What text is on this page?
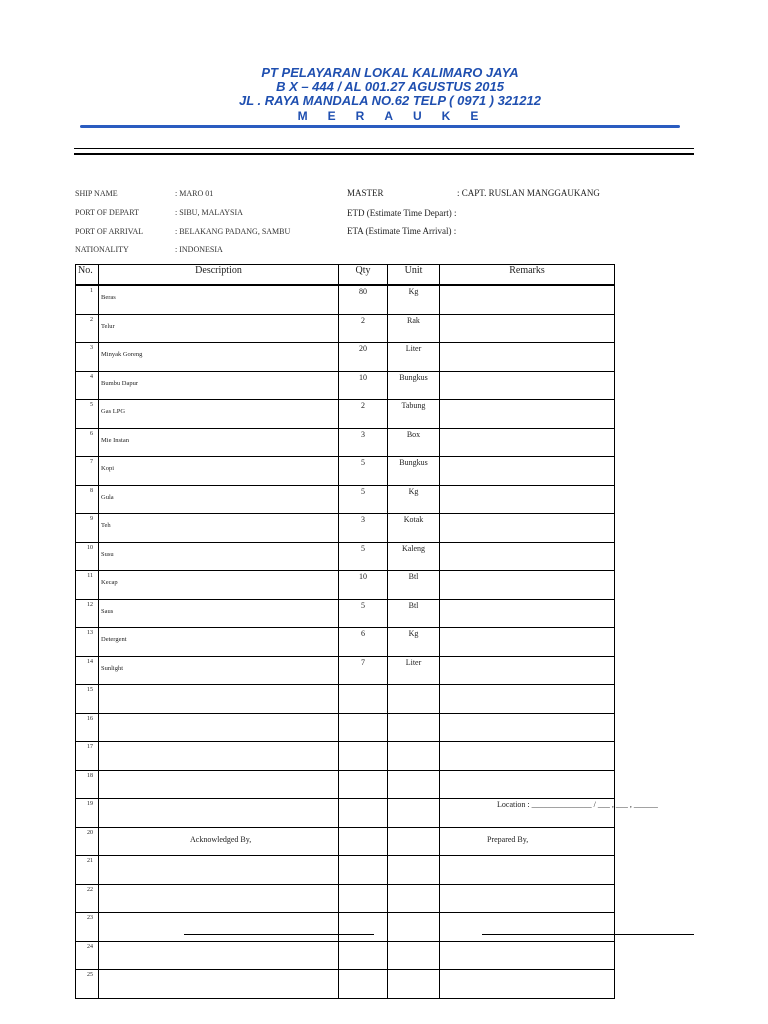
PT PELAYARAN LOKAL KALIMARO JAYA
B X – 444 / AL 001.27 AGUSTUS 2015
JL . RAYA MANDALA NO.62 TELP ( 0971 ) 321212
MERAUKE
SHIP NAME	: MARO 01
PORT OF DEPART	: SIBU, MALAYSIA
PORT OF ARRIVAL	: BELAKANG PADANG, SAMBU
NATIONALITY	: INDONESIA
MASTER	: CAPT. RUSLAN MANGGAUKANG
ETD (Estimate Time Depart) :
ETA (Estimate Time Arrival) :
No.	Description	Qty	Unit	Remarks
1	Beras	80	Kg	
2	Telur	2	Rak	
3	Minyak Goreng	20	Liter	
4	Bumbu Dapur	10	Bungkus	
5	Gas LPG	2	Tabung	
6	Mie Instan	3	Box	
7	Kopi	5	Bungkus	
8	Gula	5	Kg	
9	Teh	3	Kotak	
10	Susu	5	Kaleng	
11	Kecap	10	Btl	
12	Saus	5	Btl	
13	Detergent	6	Kg	
14	Sunlight	7	Liter	
15				
16				
17				
18				
19				
20				
21				
22				
23				
24				
25				
Location : _______________ / ___ , ___ , ______
Acknowledged By,	Prepared By,
